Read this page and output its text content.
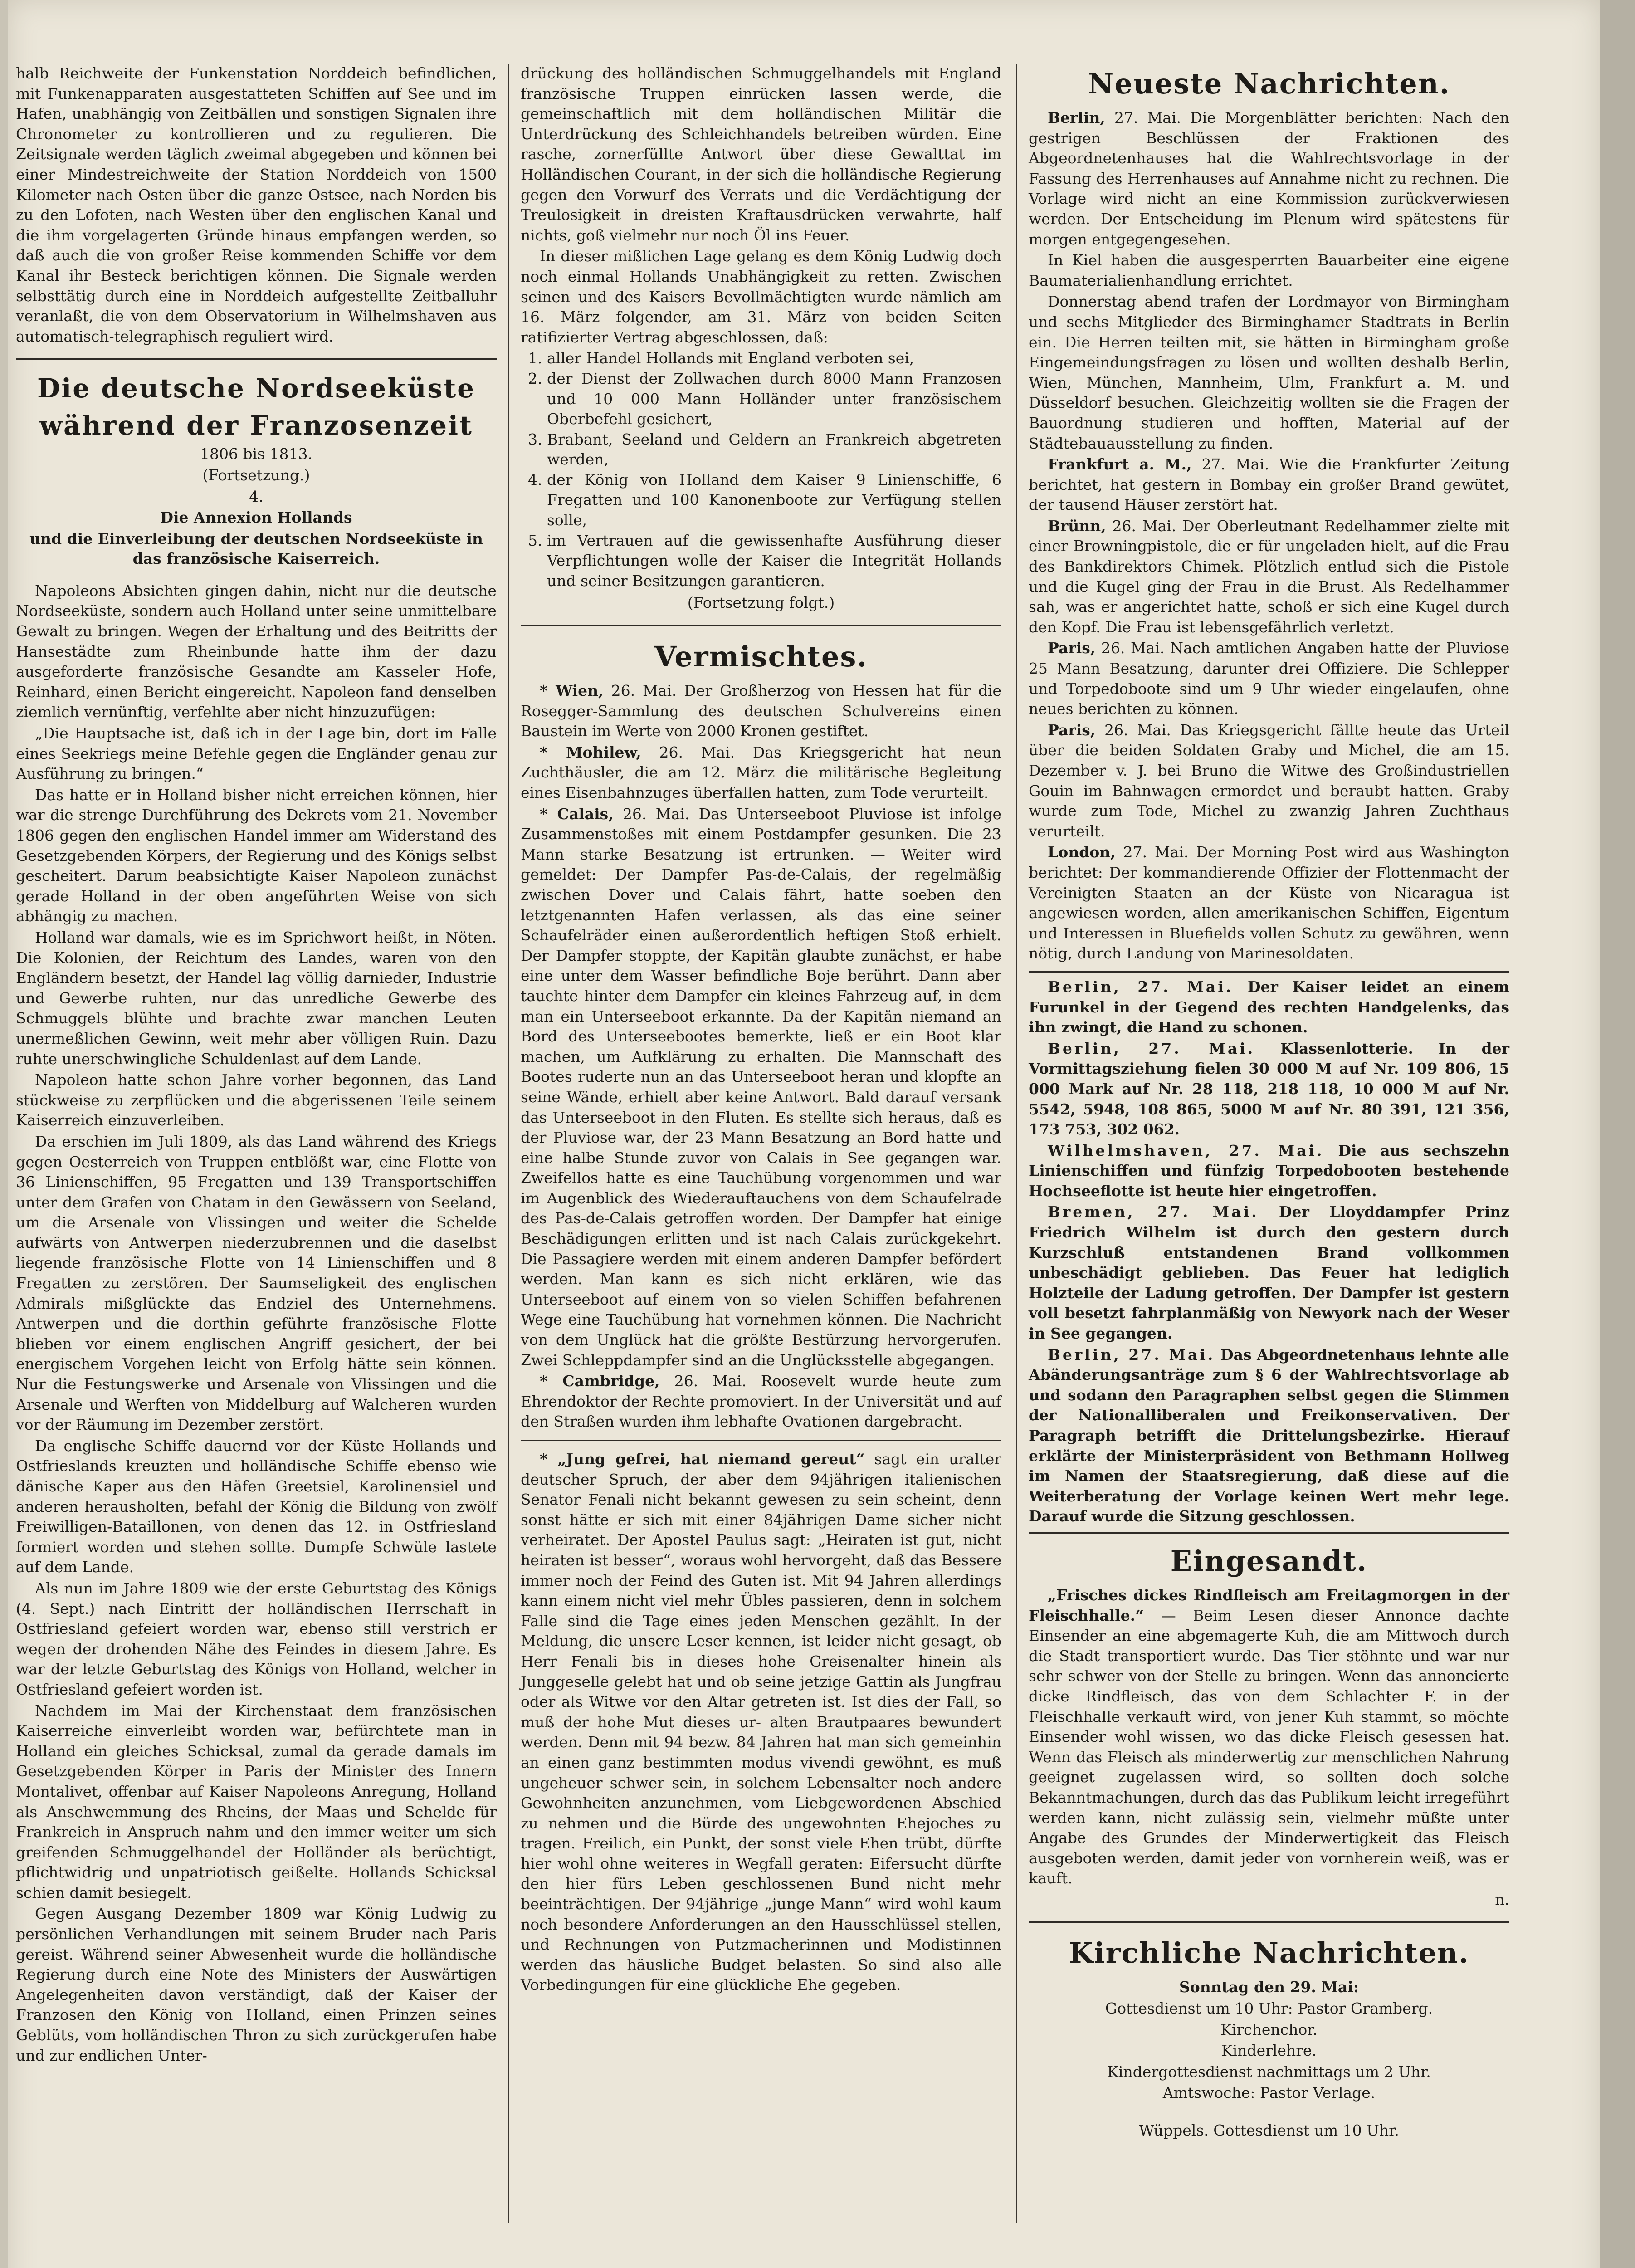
halb Reichweite der Funkenstation Norddeich befindlichen, mit Funkenapparaten ausgestatteten Schiffen auf See und im Hafen, unabhängig von Zeitbällen und sonstigen Signalen ihre Chronometer zu kontrollieren und zu regulieren. Die Zeitsignale werden täglich zweimal abgegeben und können bei einer Mindestreichweite der Station Norddeich von 1500 Kilometer nach Osten über die ganze Ostsee, nach Norden bis zu den Lofoten, nach Westen über den englischen Kanal und die ihm vorgelagerten Gründe hinaus empfangen werden, so daß auch die von großer Reise kommenden Schiffe vor dem Kanal ihr Besteck berichtigen können. Die Signale werden selbsttätig durch eine in Norddeich aufgestellte Zeitballuhr veranlaßt, die von dem Observatorium in Wilhelmshaven aus automatisch-telegraphisch reguliert wird.

Die deutsche Nordseeküste
während der Franzosenzeit

1806 bis 1813.

(Fortsetzung.)

4.

Die Annexion Hollands

und die Einverleibung der deutschen Nordseeküste in das französische Kaiserreich.

Napoleons Absichten gingen dahin, nicht nur die deutsche Nordseeküste, sondern auch Holland unter seine unmittelbare Gewalt zu bringen. Wegen der Erhaltung und des Beitritts der Hansestädte zum Rheinbunde hatte ihm der dazu ausgeforderte französische Gesandte am Kasseler Hofe, Reinhard, einen Bericht eingereicht. Napoleon fand denselben ziemlich vernünftig, verfehlte aber nicht hinzuzufügen:

„Die Hauptsache ist, daß ich in der Lage bin, dort im Falle eines Seekriegs meine Befehle gegen die Engländer genau zur Ausführung zu bringen.“

Das hatte er in Holland bisher nicht erreichen können, hier war die strenge Durchführung des Dekrets vom 21. November 1806 gegen den englischen Handel immer am Widerstand des Gesetzgebenden Körpers, der Regierung und des Königs selbst gescheitert. Darum beabsichtigte Kaiser Napoleon zunächst gerade Holland in der oben angeführten Weise von sich abhängig zu machen.

Holland war damals, wie es im Sprichwort heißt, in Nöten. Die Kolonien, der Reichtum des Landes, waren von den Engländern besetzt, der Handel lag völlig darnieder, Industrie und Gewerbe ruhten, nur das unredliche Gewerbe des Schmuggels blühte und brachte zwar manchen Leuten unermeßlichen Gewinn, weit mehr aber völligen Ruin. Dazu ruhte unerschwingliche Schuldenlast auf dem Lande.

Napoleon hatte schon Jahre vorher begonnen, das Land stückweise zu zerpflücken und die abgerissenen Teile seinem Kaiserreich einzuverleiben.

Da erschien im Juli 1809, als das Land während des Kriegs gegen Oesterreich von Truppen entblößt war, eine Flotte von 36 Linienschiffen, 95 Fregatten und 139 Transportschiffen unter dem Grafen von Chatam in den Gewässern von Seeland, um die Arsenale von Vlissingen und weiter die Schelde aufwärts von Antwerpen niederzubrennen und die daselbst liegende französische Flotte von 14 Linienschiffen und 8 Fregatten zu zerstören. Der Saumseligkeit des englischen Admirals mißglückte das Endziel des Unternehmens. Antwerpen und die dorthin geführte französische Flotte blieben vor einem englischen Angriff gesichert, der bei energischem Vorgehen leicht von Erfolg hätte sein können. Nur die Festungswerke und Arsenale von Vlissingen und die Arsenale und Werften von Middelburg auf Walcheren wurden vor der Räumung im Dezember zerstört.

Da englische Schiffe dauernd vor der Küste Hollands und Ostfrieslands kreuzten und holländische Schiffe ebenso wie dänische Kaper aus den Häfen Greetsiel, Karolinensiel und anderen herausholten, befahl der König die Bildung von zwölf Freiwilligen-Bataillonen, von denen das 12. in Ostfriesland formiert worden und stehen sollte. Dumpfe Schwüle lastete auf dem Lande.

Als nun im Jahre 1809 wie der erste Geburtstag des Königs (4. Sept.) nach Eintritt der holländischen Herrschaft in Ostfriesland gefeiert worden war, ebenso still verstrich er wegen der drohenden Nähe des Feindes in diesem Jahre. Es war der letzte Geburtstag des Königs von Holland, welcher in Ostfriesland gefeiert worden ist.

Nachdem im Mai der Kirchenstaat dem französischen Kaiserreiche einverleibt worden war, befürchtete man in Holland ein gleiches Schicksal, zumal da gerade damals im Gesetzgebenden Körper in Paris der Minister des Innern Montalivet, offenbar auf Kaiser Napoleons Anregung, Holland als Anschwemmung des Rheins, der Maas und Schelde für Frankreich in Anspruch nahm und den immer weiter um sich greifenden Schmuggelhandel der Holländer als berüchtigt, pflichtwidrig und unpatriotisch geißelte. Hollands Schicksal schien damit besiegelt.

Gegen Ausgang Dezember 1809 war König Ludwig zu persönlichen Verhandlungen mit seinem Bruder nach Paris gereist. Während seiner Abwesenheit wurde die holländische Regierung durch eine Note des Ministers der Auswärtigen Angelegenheiten davon verständigt, daß der Kaiser der Franzosen den König von Holland, einen Prinzen seines Geblüts, vom holländischen Thron zu sich zurückgerufen habe und zur endlichen Unter-

drückung des holländischen Schmuggelhandels mit England französische Truppen einrücken lassen werde, die gemeinschaftlich mit dem holländischen Militär die Unterdrückung des Schleichhandels betreiben würden. Eine rasche, zornerfüllte Antwort über diese Gewalttat im Holländischen Courant, in der sich die holländische Regierung gegen den Vorwurf des Verrats und die Verdächtigung der Treulosigkeit in dreisten Kraftausdrücken verwahrte, half nichts, goß vielmehr nur noch Öl ins Feuer.

In dieser mißlichen Lage gelang es dem König Ludwig doch noch einmal Hollands Unabhängigkeit zu retten. Zwischen seinen und des Kaisers Bevollmächtigten wurde nämlich am 16. März folgender, am 31. März von beiden Seiten ratifizierter Vertrag abgeschlossen, daß:

1. aller Handel Hollands mit England verboten sei,
2. der Dienst der Zollwachen durch 8000 Mann Franzosen und 10 000 Mann Holländer unter französischem Oberbefehl gesichert,
3. Brabant, Seeland und Geldern an Frankreich abgetreten werden,
4. der König von Holland dem Kaiser 9 Linienschiffe, 6 Fregatten und 100 Kanonenboote zur Verfügung stellen solle,
5. im Vertrauen auf die gewissenhafte Ausführung dieser Verpflichtungen wolle der Kaiser die Integrität Hollands und seiner Besitzungen garantieren.

(Fortsetzung folgt.)

Vermischtes.

* Wien, 26. Mai. Der Großherzog von Hessen hat für die Rosegger-Sammlung des deutschen Schulvereins einen Baustein im Werte von 2000 Kronen gestiftet.

* Mohilew, 26. Mai. Das Kriegsgericht hat neun Zuchthäusler, die am 12. März die militärische Begleitung eines Eisenbahnzuges überfallen hatten, zum Tode verurteilt.

* Calais, 26. Mai. Das Unterseeboot Pluviose ist infolge Zusammenstoßes mit einem Postdampfer gesunken. Die 23 Mann starke Besatzung ist ertrunken. — Weiter wird gemeldet: Der Dampfer Pas-de-Calais, der regelmäßig zwischen Dover und Calais fährt, hatte soeben den letztgenannten Hafen verlassen, als das eine seiner Schaufelräder einen außerordentlich heftigen Stoß erhielt. Der Dampfer stoppte, der Kapitän glaubte zunächst, er habe eine unter dem Wasser befindliche Boje berührt. Dann aber tauchte hinter dem Dampfer ein kleines Fahrzeug auf, in dem man ein Unterseeboot erkannte. Da der Kapitän niemand an Bord des Unterseebootes bemerkte, ließ er ein Boot klar machen, um Aufklärung zu erhalten. Die Mannschaft des Bootes ruderte nun an das Unterseeboot heran und klopfte an seine Wände, erhielt aber keine Antwort. Bald darauf versank das Unterseeboot in den Fluten. Es stellte sich heraus, daß es der Pluviose war, der 23 Mann Besatzung an Bord hatte und eine halbe Stunde zuvor von Calais in See gegangen war. Zweifellos hatte es eine Tauchübung vorgenommen und war im Augenblick des Wiederauftauchens von dem Schaufelrade des Pas-de-Calais getroffen worden. Der Dampfer hat einige Beschädigungen erlitten und ist nach Calais zurückgekehrt. Die Passagiere werden mit einem anderen Dampfer befördert werden. Man kann es sich nicht erklären, wie das Unterseeboot auf einem von so vielen Schiffen befahrenen Wege eine Tauchübung hat vornehmen können. Die Nachricht von dem Unglück hat die größte Bestürzung hervorgerufen. Zwei Schleppdampfer sind an die Unglücksstelle abgegangen.

* Cambridge, 26. Mai. Roosevelt wurde heute zum Ehrendoktor der Rechte promoviert. In der Universität und auf den Straßen wurden ihm lebhafte Ovationen dargebracht.

* „Jung gefrei, hat niemand gereut“ sagt ein uralter deutscher Spruch, der aber dem 94jährigen italienischen Senator Fenali nicht bekannt gewesen zu sein scheint, denn sonst hätte er sich mit einer 84jährigen Dame sicher nicht verheiratet. Der Apostel Paulus sagt: „Heiraten ist gut, nicht heiraten ist besser“, woraus wohl hervorgeht, daß das Bessere immer noch der Feind des Guten ist. Mit 94 Jahren allerdings kann einem nicht viel mehr Übles passieren, denn in solchem Falle sind die Tage eines jeden Menschen gezählt. In der Meldung, die unsere Leser kennen, ist leider nicht gesagt, ob Herr Fenali bis in dieses hohe Greisenalter hinein als Junggeselle gelebt hat und ob seine jetzige Gattin als Jungfrau oder als Witwe vor den Altar getreten ist. Ist dies der Fall, so muß der hohe Mut dieses ur- alten Brautpaares bewundert werden. Denn mit 94 bezw. 84 Jahren hat man sich gemeinhin an einen ganz bestimmten modus vivendi gewöhnt, es muß ungeheuer schwer sein, in solchem Lebensalter noch andere Gewohnheiten anzunehmen, vom Liebgewordenen Abschied zu nehmen und die Bürde des ungewohnten Ehejoches zu tragen. Freilich, ein Punkt, der sonst viele Ehen trübt, dürfte hier wohl ohne weiteres in Wegfall geraten: Eifersucht dürfte den hier fürs Leben geschlossenen Bund nicht mehr beeinträchtigen. Der 94jährige „junge Mann“ wird wohl kaum noch besondere Anforderungen an den Hausschlüssel stellen, und Rechnungen von Putzmacherinnen und Modistinnen werden das häusliche Budget belasten. So sind also alle Vorbedingungen für eine glückliche Ehe gegeben.

Neueste Nachrichten.

Berlin, 27. Mai. Die Morgenblätter berichten: Nach den gestrigen Beschlüssen der Fraktionen des Abgeordnetenhauses hat die Wahlrechtsvorlage in der Fassung des Herrenhauses auf Annahme nicht zu rechnen. Die Vorlage wird nicht an eine Kommission zurückverwiesen werden. Der Entscheidung im Plenum wird spätestens für morgen entgegengesehen.

In Kiel haben die ausgesperrten Bauarbeiter eine eigene Baumaterialienhandlung errichtet.

Donnerstag abend trafen der Lordmayor von Birmingham und sechs Mitglieder des Birminghamer Stadtrats in Berlin ein. Die Herren teilten mit, sie hätten in Birmingham große Eingemeindungsfragen zu lösen und wollten deshalb Berlin, Wien, München, Mannheim, Ulm, Frankfurt a. M. und Düsseldorf besuchen. Gleichzeitig wollten sie die Fragen der Bauordnung studieren und hofften, Material auf der Städtebauausstellung zu finden.

Frankfurt a. M., 27. Mai. Wie die Frankfurter Zeitung berichtet, hat gestern in Bombay ein großer Brand gewütet, der tausend Häuser zerstört hat.

Brünn, 26. Mai. Der Oberleutnant Redelhammer zielte mit einer Browningpistole, die er für ungeladen hielt, auf die Frau des Bankdirektors Chimek. Plötzlich entlud sich die Pistole und die Kugel ging der Frau in die Brust. Als Redelhammer sah, was er angerichtet hatte, schoß er sich eine Kugel durch den Kopf. Die Frau ist lebensgefährlich verletzt.

Paris, 26. Mai. Nach amtlichen Angaben hatte der Pluviose 25 Mann Besatzung, darunter drei Offiziere. Die Schlepper und Torpedoboote sind um 9 Uhr wieder eingelaufen, ohne neues berichten zu können.

Paris, 26. Mai. Das Kriegsgericht fällte heute das Urteil über die beiden Soldaten Graby und Michel, die am 15. Dezember v. J. bei Bruno die Witwe des Großindustriellen Gouin im Bahnwagen ermordet und beraubt hatten. Graby wurde zum Tode, Michel zu zwanzig Jahren Zuchthaus verurteilt.

London, 27. Mai. Der Morning Post wird aus Washington berichtet: Der kommandierende Offizier der Flottenmacht der Vereinigten Staaten an der Küste von Nicaragua ist angewiesen worden, allen amerikanischen Schiffen, Eigentum und Interessen in Bluefields vollen Schutz zu gewähren, wenn nötig, durch Landung von Marinesoldaten.

Berlin, 27. Mai. Der Kaiser leidet an einem Furunkel in der Gegend des rechten Handgelenks, das ihn zwingt, die Hand zu schonen.

Berlin, 27. Mai. Klassenlotterie. In der Vormittagsziehung fielen 30 000 M auf Nr. 109 806, 15 000 Mark auf Nr. 28 118, 218 118, 10 000 M auf Nr. 5542, 5948, 108 865, 5000 M auf Nr. 80 391, 121 356, 173 753, 302 062.

Wilhelmshaven, 27. Mai. Die aus sechszehn Linienschiffen und fünfzig Torpedobooten bestehende Hochseeflotte ist heute hier eingetroffen.

Bremen, 27. Mai. Der Lloyddampfer Prinz Friedrich Wilhelm ist durch den gestern durch Kurzschluß entstandenen Brand vollkommen unbeschädigt geblieben. Das Feuer hat lediglich Holzteile der Ladung getroffen. Der Dampfer ist gestern voll besetzt fahrplanmäßig von Newyork nach der Weser in See gegangen.

Berlin, 27. Mai. Das Abgeordnetenhaus lehnte alle Abänderungsanträge zum § 6 der Wahlrechtsvorlage ab und sodann den Paragraphen selbst gegen die Stimmen der Nationalliberalen und Freikonservativen. Der Paragraph betrifft die Drittelungsbezirke. Hierauf erklärte der Ministerpräsident von Bethmann Hollweg im Namen der Staatsregierung, daß diese auf die Weiterberatung der Vorlage keinen Wert mehr lege. Darauf wurde die Sitzung geschlossen.

Eingesandt.

„Frisches dickes Rindfleisch am Freitagmorgen in der Fleischhalle.“ — Beim Lesen dieser Annonce dachte Einsender an eine abgemagerte Kuh, die am Mittwoch durch die Stadt transportiert wurde. Das Tier stöhnte und war nur sehr schwer von der Stelle zu bringen. Wenn das annoncierte dicke Rindfleisch, das von dem Schlachter F. in der Fleischhalle verkauft wird, von jener Kuh stammt, so möchte Einsender wohl wissen, wo das dicke Fleisch gesessen hat. Wenn das Fleisch als minderwertig zur menschlichen Nahrung geeignet zugelassen wird, so sollten doch solche Bekanntmachungen, durch das das Publikum leicht irregeführt werden kann, nicht zulässig sein, vielmehr müßte unter Angabe des Grundes der Minderwertigkeit das Fleisch ausgeboten werden, damit jeder von vornherein weiß, was er kauft.

n.

Kirchliche Nachrichten.

Sonntag den 29. Mai:

Gottesdienst um 10 Uhr: Pastor Gramberg.

Kirchenchor.

Kinderlehre.

Kindergottesdienst nachmittags um 2 Uhr.

Amtswoche: Pastor Verlage.

Wüppels. Gottesdienst um 10 Uhr.
